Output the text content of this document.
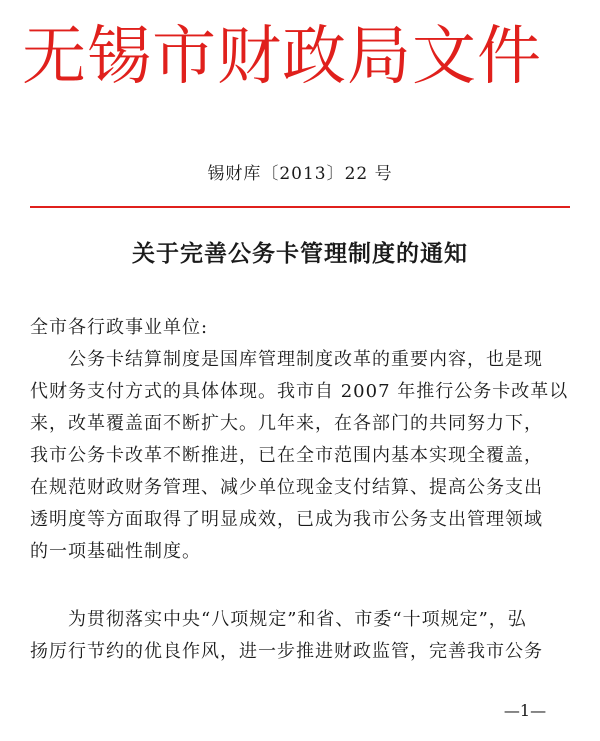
无锡市财政局文件
锡财库〔2013〕22 号
关于完善公务卡管理制度的通知
全市各行政事业单位:
　　公务卡结算制度是国库管理制度改革的重要内容，也是现
代财务支付方式的具体体现。我市自 2007 年推行公务卡改革以
来，改革覆盖面不断扩大。几年来，在各部门的共同努力下，
我市公务卡改革不断推进，已在全市范围内基本实现全覆盖，
在规范财政财务管理、减少单位现金支付结算、提高公务支出
透明度等方面取得了明显成效，已成为我市公务支出管理领域
的一项基础性制度。
　　为贯彻落实中央“八项规定”和省、市委“十项规定”，弘
扬厉行节约的优良作风，进一步推进财政监管，完善我市公务
—1—
